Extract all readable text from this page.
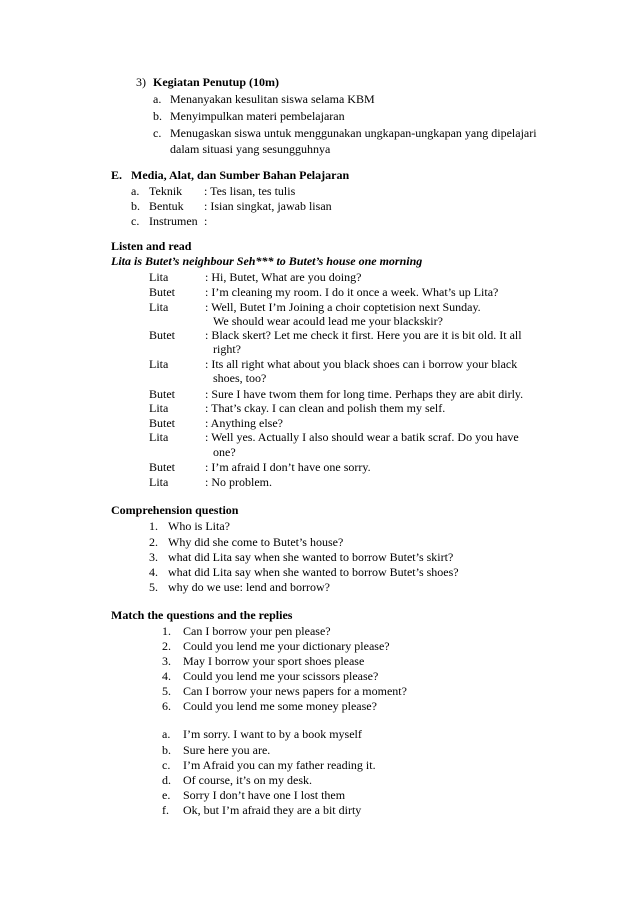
3) Kegiatan Penutup (10m)
a. Menanyakan kesulitan siswa selama KBM
b. Menyimpulkan materi pembelajaran
c. Menugaskan siswa untuk menggunakan ungkapan-ungkapan yang dipelajari
dalam situasi yang sesungguhnya
E. Media, Alat, dan Sumber Bahan Pelajaran
a. Teknik : Tes lisan, tes tulis
b. Bentuk : Isian singkat, jawab lisan
c. Instrumen :
Listen and read
Lita is Butet’s neighbour Seh*** to Butet’s house one morning
Lita	: Hi, Butet, What are you doing?
Butet	: I’m cleaning my room. I do it once a week. What’s up Lita?
Lita	: Well, Butet I’m Joining a choir coptetision next Sunday.
We should wear acould lead me your blackskir?
Butet	: Black skert? Let me check it first. Here you are it is bit old. It all
right?
Lita	: Its all right what about you black shoes can i borrow your black
shoes, too?
Butet	: Sure I have twom them for long time. Perhaps they are abit dirly.
Lita	: That’s ckay. I can clean and polish them my self.
Butet	: Anything else?
Lita	: Well yes. Actually I also should wear a batik scraf. Do you have
one?
Butet	: I’m afraid I don’t have one sorry.
Lita	: No problem.
Comprehension question
1. Who is Lita?
2. Why did she come to Butet’s house?
3. what did Lita say when she wanted to borrow Butet’s skirt?
4. what did Lita say when she wanted to borrow Butet’s shoes?
5. why do we use: lend and borrow?
Match the questions and the replies
1. Can I borrow your pen please?
2. Could you lend me your dictionary please?
3. May I borrow your sport shoes please
4. Could you lend me your scissors please?
5. Can I borrow your news papers for a moment?
6. Could you lend me some money please?
a. I’m sorry. I want to by a book myself
b. Sure here you are.
c. I’m Afraid you can my father reading it.
d. Of course, it’s on my desk.
e. Sorry I don’t have one I lost them
f. Ok, but I’m afraid they are a bit dirty
